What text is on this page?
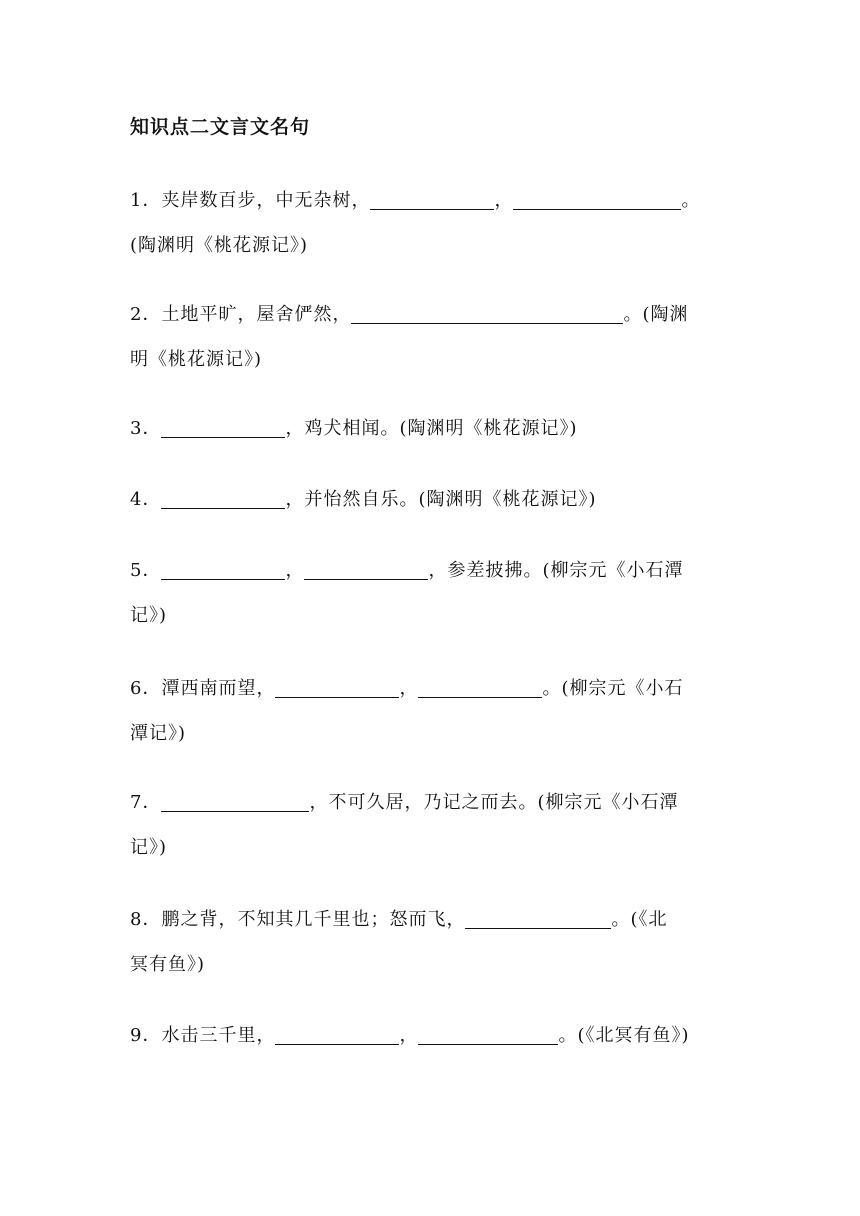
知识点二文言文名句
1．夹岸数百步，中无杂树，	，	。
(陶渊明《桃花源记》)
2．土地平旷，屋舍俨然，	。(陶渊
明《桃花源记》)
3．	，鸡犬相闻。(陶渊明《桃花源记》)
4．	，并怡然自乐。(陶渊明《桃花源记》)
5．	，	，参差披拂。(柳宗元《小石潭
记》)
6．潭西南而望，	，	。(柳宗元《小石
潭记》)
7．	，不可久居，乃记之而去。(柳宗元《小石潭
记》)
8．鹏之背，不知其几千里也；怒而飞，	。(《北
冥有鱼》)
9．水击三千里，	，	。(《北冥有鱼》)
